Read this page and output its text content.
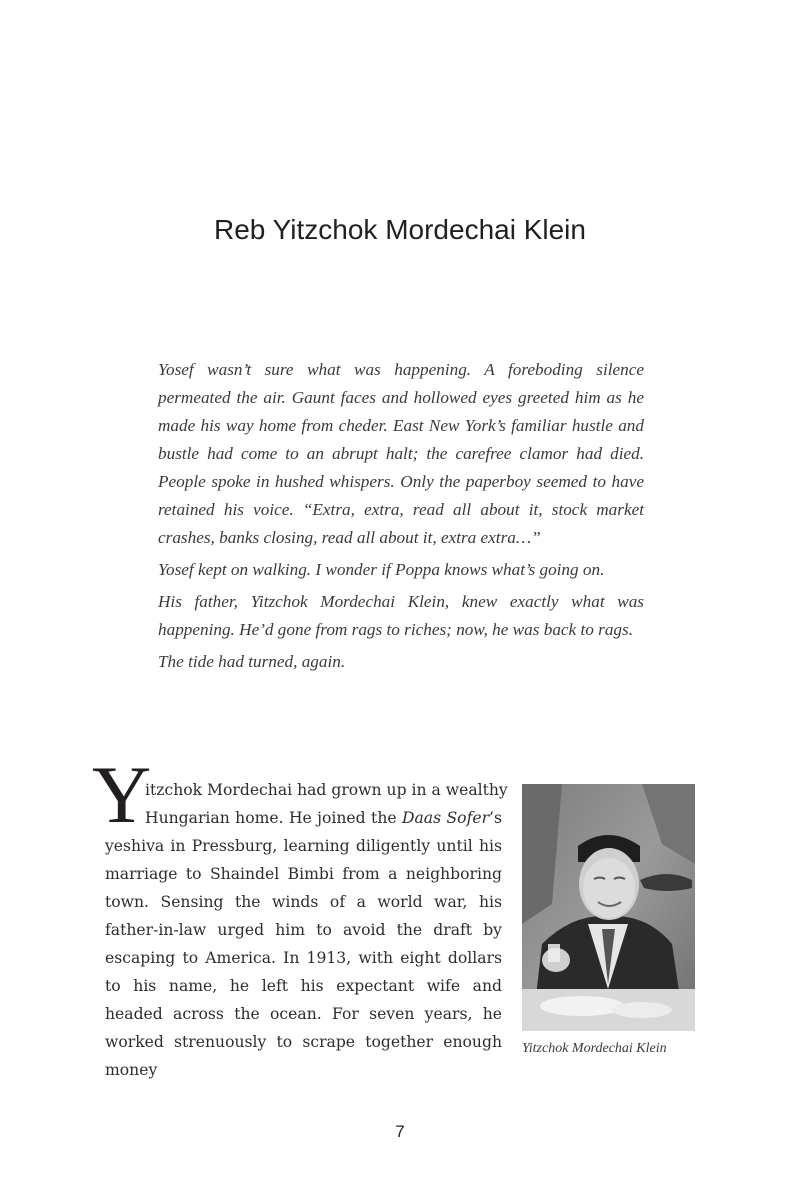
Reb Yitzchok Mordechai Klein

Yosef wasn’t sure what was happening. A foreboding silence permeated the air. Gaunt faces and hollowed eyes greeted him as he made his way home from cheder. East New York’s familiar hustle and bustle had come to an abrupt halt; the carefree clamor had died. People spoke in hushed whispers. Only the paperboy seemed to have retained his voice. “Extra, extra, read all about it, stock market crashes, banks closing, read all about it, extra extra…”

Yosef kept on walking. I wonder if Poppa knows what’s going on.

His father, Yitzchok Mordechai Klein, knew exactly what was happening. He’d gone from rags to riches; now, he was back to rags.

The tide had turned, again.

Y
itzchok Mordechai had grown up in a wealthy
Hungarian home. He joined the Daas Sofer’s
yeshiva in Pressburg, learning diligently until his marriage to Shaindel Bimbi from a neighboring town. Sensing the winds of a world war, his father-in-law urged him to avoid the draft by escaping to America. In 1913, with eight dollars to his name, he left his expectant wife and headed across the ocean. For seven years, he worked strenuously to scrape together enough money
Yitzchok Mordechai Klein
7
